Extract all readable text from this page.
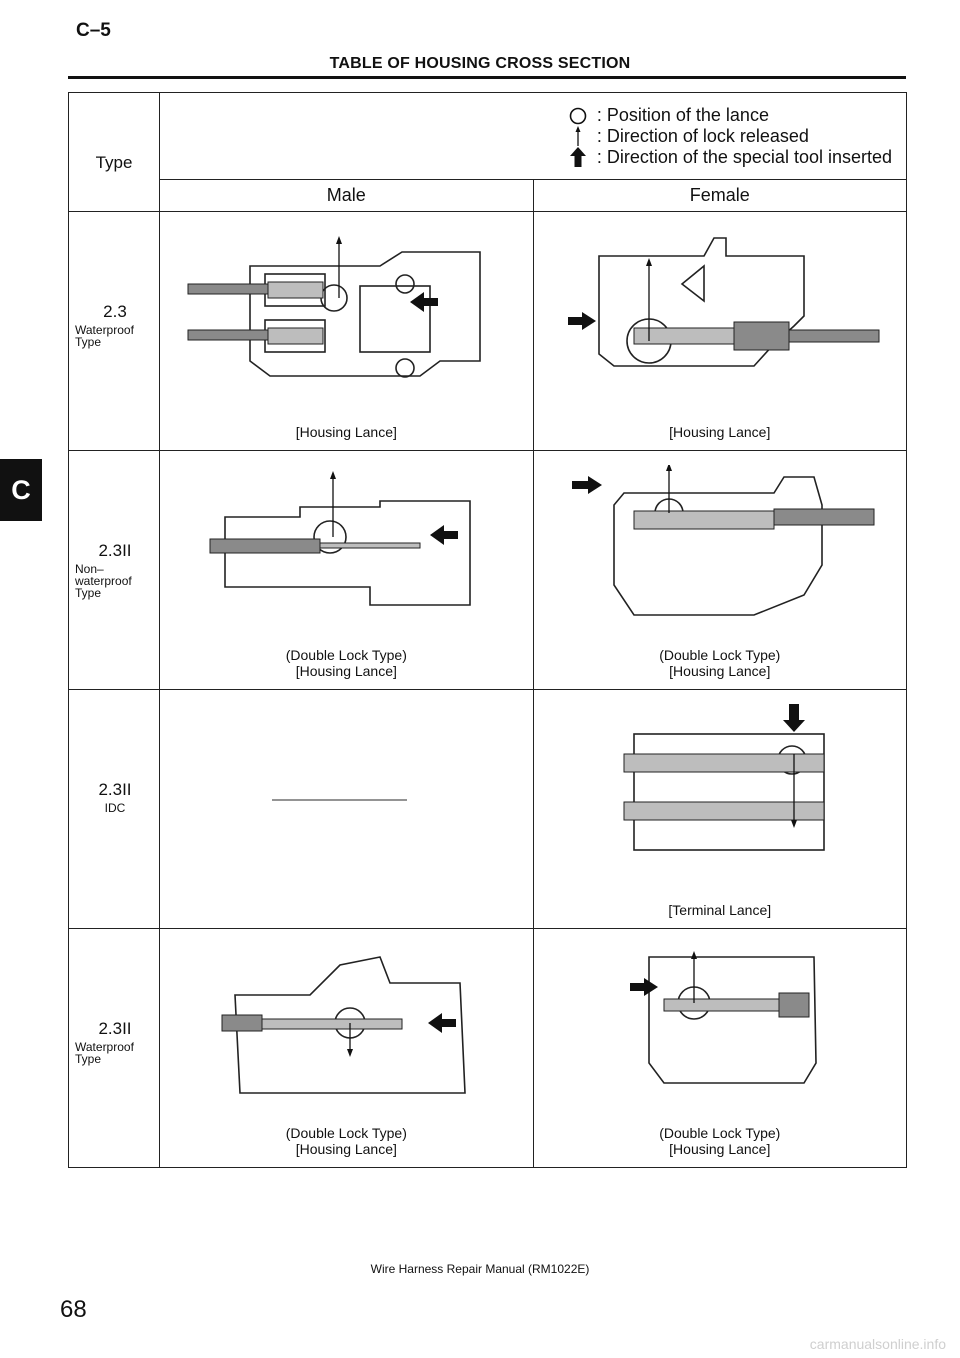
C–5
TABLE OF HOUSING CROSS SECTION
C
Type	: Position of the lance
: Direction of lock released
: Direction of the special tool inserted	

	Male	Female

2.3
Waterproof
Type	[Housing Lance]	[Housing Lance]

2.3II
Non–
waterproof
Type	(Double Lock Type)
[Housing Lance]	(Double Lock Type)
[Housing Lance]

2.3II
IDC		[Terminal Lance]

2.3II
Waterproof
Type	(Double Lock Type)
[Housing Lance]	(Double Lock Type)
[Housing Lance]
Wire Harness Repair Manual (RM1022E)
68
carmanualsonline.info
